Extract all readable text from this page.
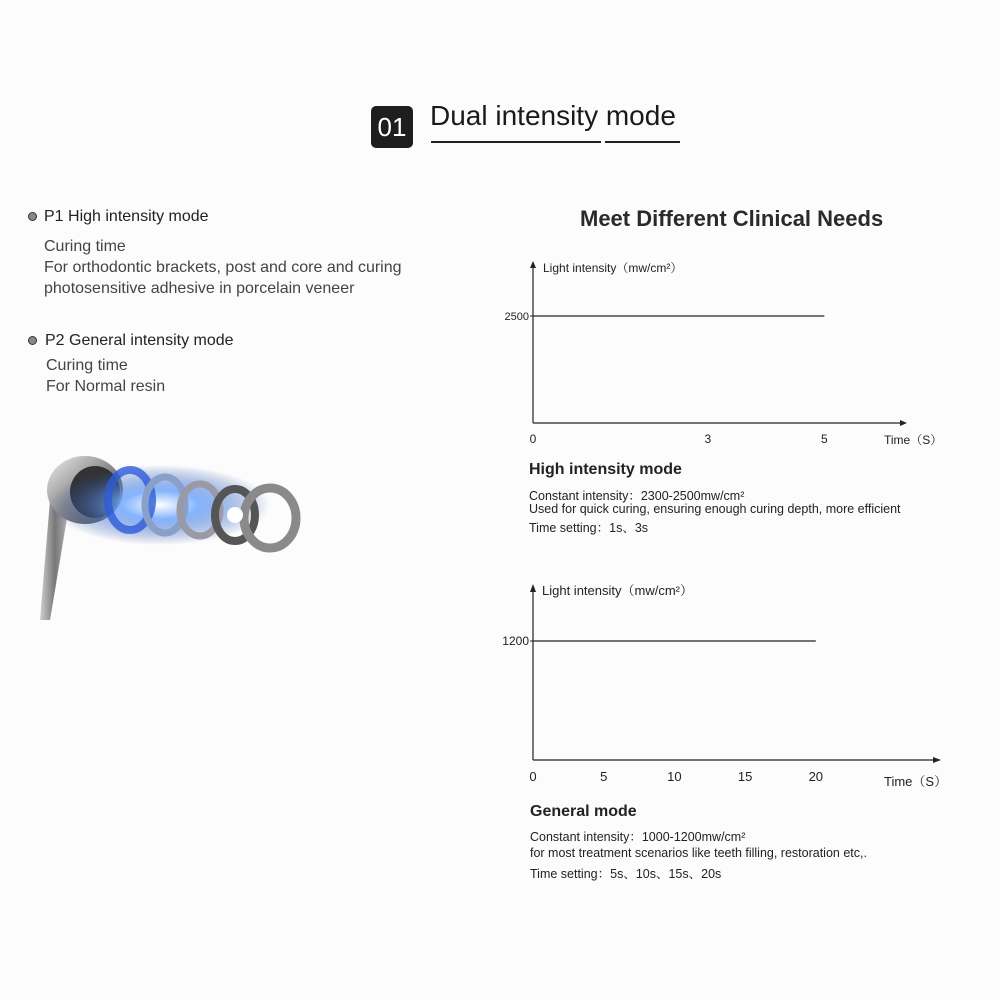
01 Dual intensity mode
P1 High intensity mode
Curing time
For orthodontic brackets, post and core and curing
photosensitive adhesive in porcelain veneer
P2 General intensity mode
Curing time
For Normal resin
Meet Different Clinical Needs
Light intensity（mw/cm²）
Time（S）
0	3	5
2500
High intensity mode
Constant intensity：2300-2500mw/cm²
Used for quick curing, ensuring enough curing depth, more efficient
Time setting：1s、3s
Light intensity（mw/cm²）
Time（S）
0	5	10	15	20
1200
General mode
Constant intensity：1000-1200mw/cm²
for most treatment scenarios like teeth filling, restoration etc,.
Time setting：5s、10s、15s、20s
